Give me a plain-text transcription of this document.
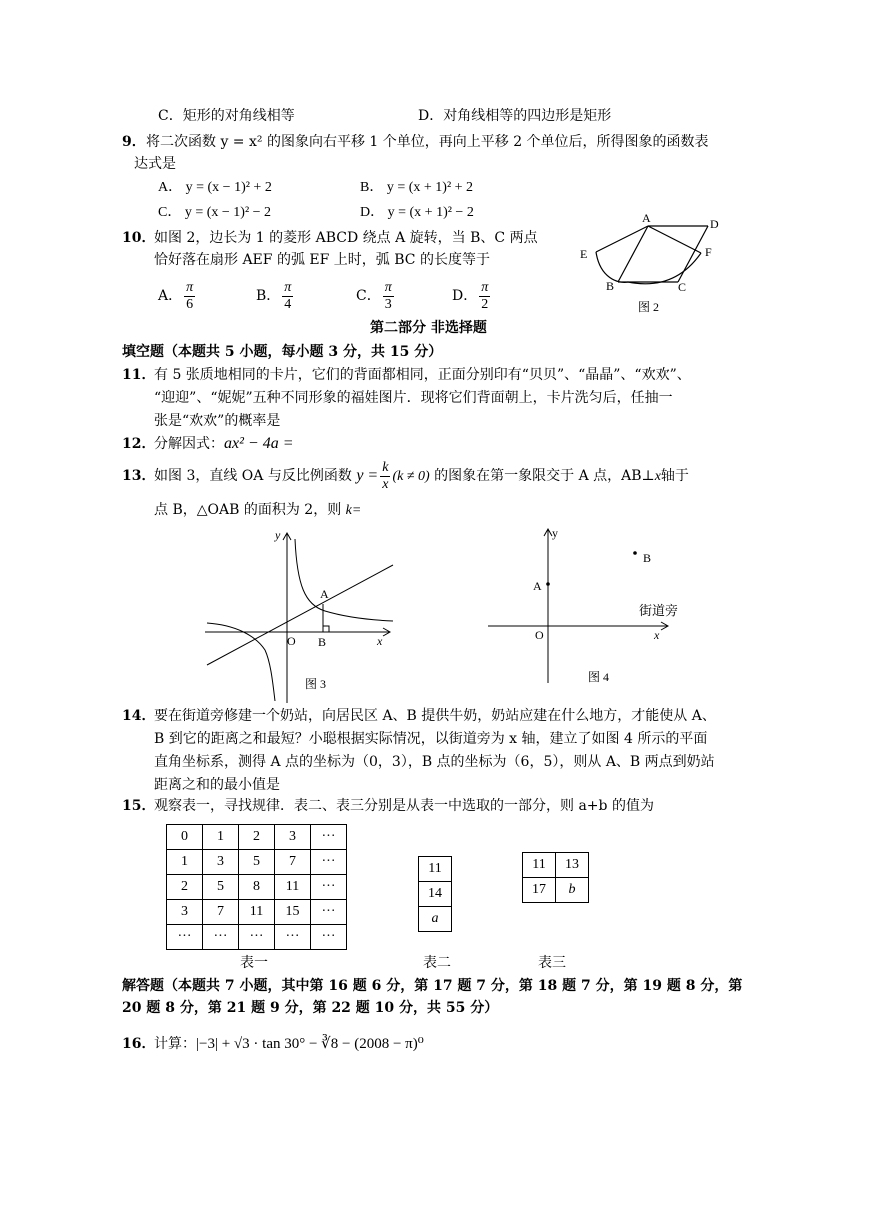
C．矩形的对角线相等	D．对角线相等的四边形是矩形
9． 将二次函数 y = x² 的图象向右平移 1 个单位，再向上平移 2 个单位后，所得图象的函数表
达式是
A． y = (x − 1)² + 2	B． y = (x + 1)² + 2
C． y = (x − 1)² − 2	D． y = (x + 1)² − 2
10．
如图 2，边长为 1 的菱形 ABCD 绕点 A 旋转，当 B、C 两点
恰好落在扇形 AEF 的弧 EF 上时，弧 BC 的长度等于
A． $\frac{\pi}{6}$	B． $\frac{\pi}{4}$	C． $\frac{\pi}{3}$	D． $\frac{\pi}{2}$
A	D
E	F
B	C
图 2
第二部分 非选择题
填空题（本题共 5 小题，每小题 3 分，共 15 分）
11．
有 5 张质地相同的卡片，它们的背面都相同，正面分别印有“贝贝”、“晶晶”、“欢欢”、
“迎迎”、“妮妮”五种不同形象的福娃图片．现将它们背面朝上，卡片洗匀后，任抽一
张是“欢欢”的概率是
12．
分解因式：ax² − 4a =
13．
如图 3，直线 OA 与反比例函数 $y = \frac{k}{x} (k \ne 0)$ 的图象在第一象限交于 A 点，AB⊥x轴于
点 B，△OAB 的面积为 2，则 k=
y
x
O
A
B
图 3
y
x
O
A
B
街道旁
图 4
14．
要在街道旁修建一个奶站，向居民区 A、B 提供牛奶，奶站应建在什么地方，才能使从 A、
B 到它的距离之和最短？小聪根据实际情况，以街道旁为 x 轴，建立了如图 4 所示的平面
直角坐标系，测得 A 点的坐标为（0，3），B 点的坐标为（6，5），则从 A、B 两点到奶站
距离之和的最小值是
15．
观察表一，寻找规律．表二、表三分别是从表一中选取的一部分，则 a+b 的值为
0	1	2	3	···
1	3	5	7	···
2	5	8	11	···
3	7	11	15	···
···	···	···	···	···
11
14
a
11	13
17	b
表一	表二	表三
解答题（本题共 7 小题，其中第 16 题 6 分，第 17 题 7 分，第 18 题 7 分，第 19 题 8 分，第
20 题 8 分，第 21 题 9 分，第 22 题 10 分，共 55 分）
16．
计算：|−3| + √3 · tan 30° − ∛8 − (2008 − π)⁰
